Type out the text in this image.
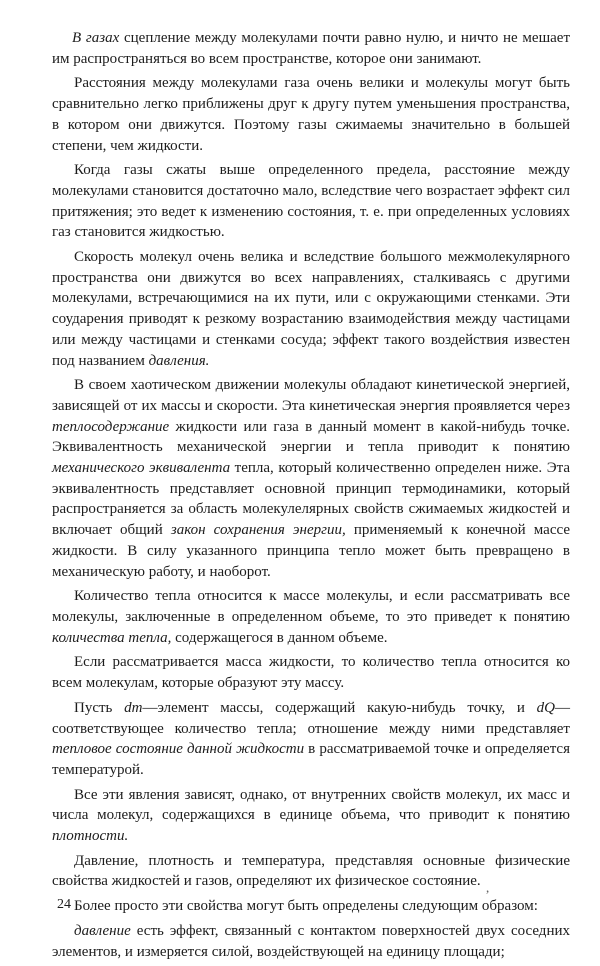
В газах сцепление между молекулами почти равно нулю, и ничто не мешает им распространяться во всем пространстве, которое они занимают.

Расстояния между молекулами газа очень велики и молекулы могут быть сравнительно легко приближены друг к другу путем уменьшения пространства, в котором они движутся. Поэтому газы сжимаемы значительно в большей степени, чем жидкости.

Когда газы сжаты выше определенного предела, расстояние между молекулами становится достаточно мало, вследствие чего возрастает эффект сил притяжения; это ведет к изменению состояния, т. е. при определенных условиях газ становится жидкостью.

Скорость молекул очень велика и вследствие большого межмолекулярного пространства они движутся во всех направлениях, сталкиваясь с другими молекулами, встречающимися на их пути, или с окружающими стенками. Эти соударения приводят к резкому возрастанию взаимодействия между частицами или между частицами и стенками сосуда; эффект такого воздействия известен под названием давления.

В своем хаотическом движении молекулы обладают кинетической энергией, зависящей от их массы и скорости. Эта кинетическая энергия проявляется через теплосодержание жидкости или газа в данный момент в какой-нибудь точке. Эквивалентность механической энергии и тепла приводит к понятию механического эквивалента тепла, который количественно определен ниже. Эта эквивалентность представляет основной принцип термодинамики, который распространяется за область молекулелярных свойств сжимаемых жидкостей и включает общий закон сохранения энергии, применяемый к конечной массе жидкости. В силу указанного принципа тепло может быть превращено в механическую работу, и наоборот.

Количество тепла относится к массе молекулы, и если рассматривать все молекулы, заключенные в определенном объеме, то это приведет к понятию количества тепла, содержащегося в данном объеме.

Если рассматривается масса жидкости, то количество тепла относится ко всем молекулам, которые образуют эту массу.

Пусть dm—элемент массы, содержащий какую-нибудь точку, и dQ— соответствующее количество тепла; отношение между ними представляет тепловое состояние данной жидкости в рассматриваемой точке и определяется температурой.

Все эти явления зависят, однако, от внутренних свойств молекул, их масс и числа молекул, содержащихся в единице объема, что приводит к понятию плотности.

Давление, плотность и температура, представляя основные физические свойства жидкостей и газов, определяют их физическое состояние.

Более просто эти свойства могут быть определены следующим образом:

давление есть эффект, связанный с контактом поверхностей двух соседних элементов, и измеряется силой, воздействующей на единицу площади;

,
24
